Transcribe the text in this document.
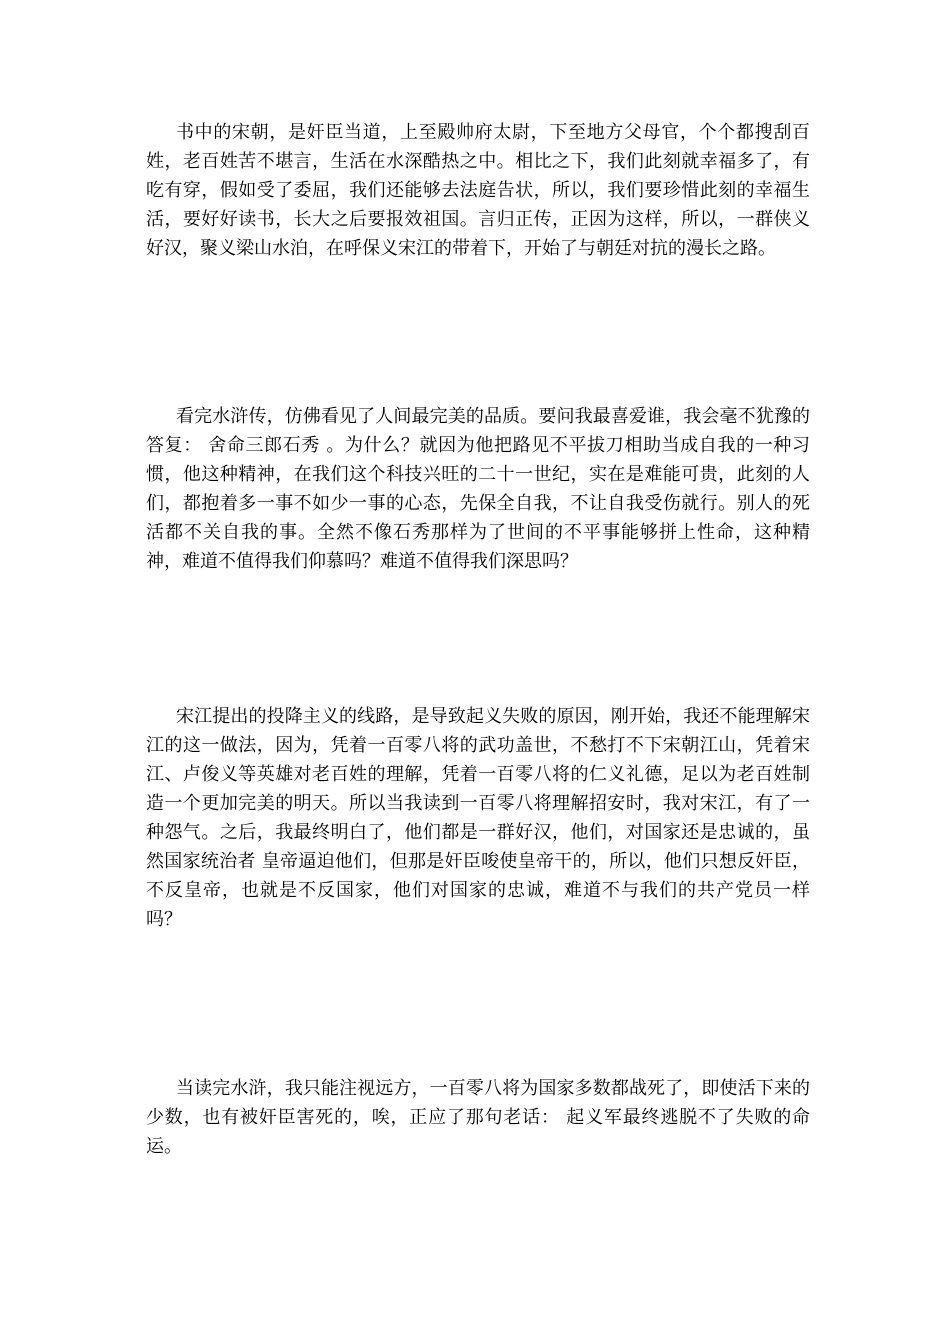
书中的宋朝，是奸臣当道，上至殿帅府太尉，下至地方父母官，个个都搜刮百姓，老百姓苦不堪言，生活在水深酷热之中。相比之下，我们此刻就幸福多了，有吃有穿，假如受了委屈，我们还能够去法庭告状，所以，我们要珍惜此刻的幸福生活，要好好读书，长大之后要报效祖国。言归正传，正因为这样，所以，一群侠义好汉，聚义梁山水泊，在呼保义宋江的带着下，开始了与朝廷对抗的漫长之路。

看完水浒传，仿佛看见了人间最完美的品质。要问我最喜爱谁，我会毫不犹豫的答复： 舍命三郎石秀 。为什么？就因为他把路见不平拔刀相助当成自我的一种习惯，他这种精神，在我们这个科技兴旺的二十一世纪，实在是难能可贵，此刻的人们，都抱着多一事不如少一事的心态，先保全自我，不让自我受伤就行。别人的死活都不关自我的事。全然不像石秀那样为了世间的不平事能够拼上性命，这种精神，难道不值得我们仰慕吗？难道不值得我们深思吗？

宋江提出的投降主义的线路，是导致起义失败的原因，刚开始，我还不能理解宋江的这一做法，因为，凭着一百零八将的武功盖世，不愁打不下宋朝江山，凭着宋江、卢俊义等英雄对老百姓的理解，凭着一百零八将的仁义礼德，足以为老百姓制造一个更加完美的明天。所以当我读到一百零八将理解招安时，我对宋江，有了一种怨气。之后，我最终明白了，他们都是一群好汉，他们，对国家还是忠诚的，虽然国家统治者 皇帝逼迫他们，但那是奸臣唆使皇帝干的，所以，他们只想反奸臣，不反皇帝，也就是不反国家，他们对国家的忠诚，难道不与我们的共产党员一样吗？

当读完水浒，我只能注视远方，一百零八将为国家多数都战死了，即使活下来的少数，也有被奸臣害死的，唉，正应了那句老话： 起义军最终逃脱不了失败的命运。
